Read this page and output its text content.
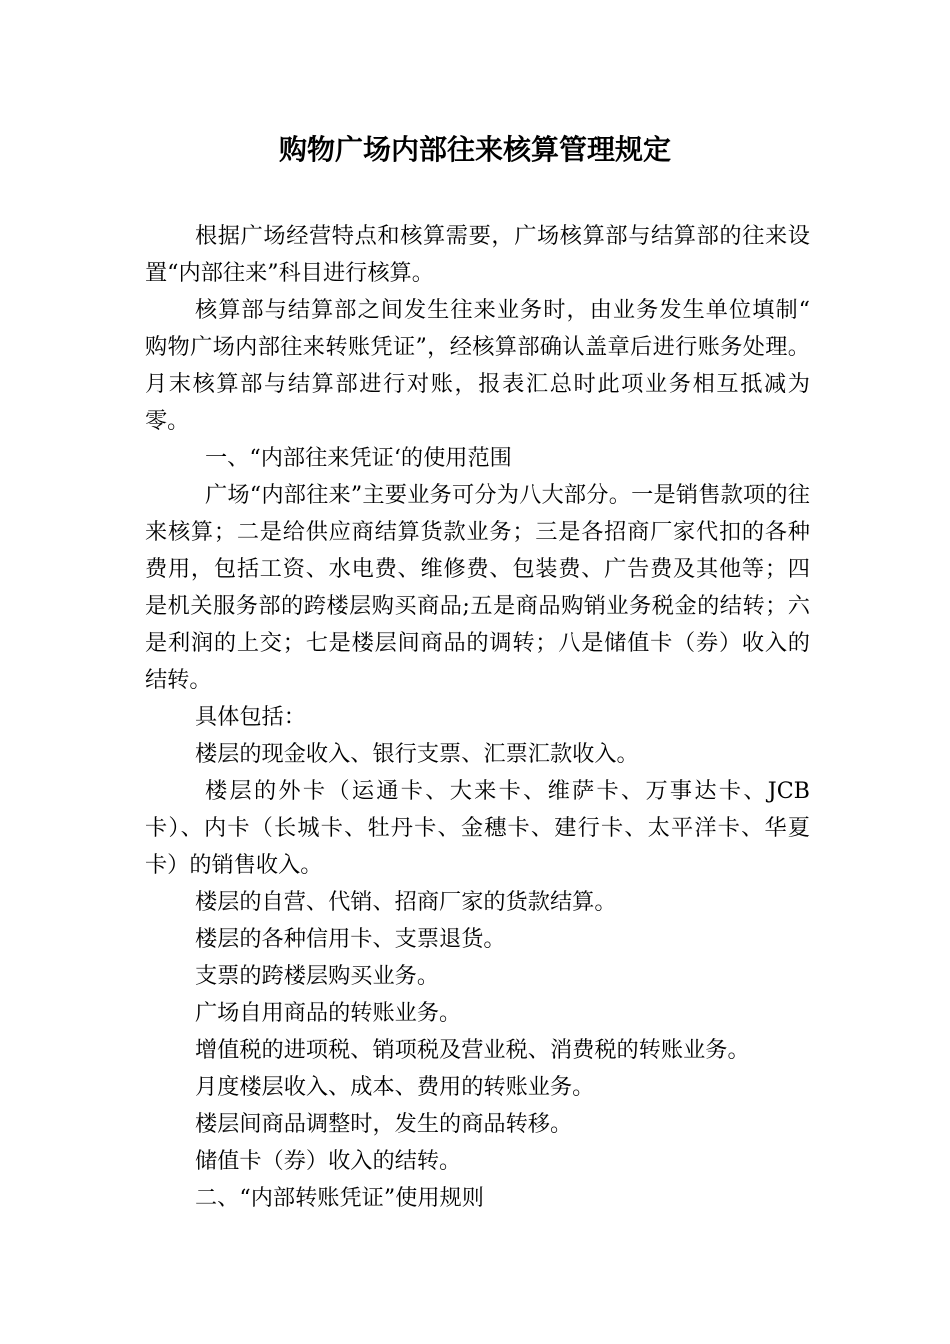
购物广场内部往来核算管理规定

根据广场经营特点和核算需要，广场核算部与结算部的往来设置“内部往来”科目进行核算。

核算部与结算部之间发生往来业务时，由业务发生单位填制“ 购物广场内部往来转账凭证”，经核算部确认盖章后进行账务处理。月末核算部与结算部进行对账，报表汇总时此项业务相互抵减为零。

一、“内部往来凭证‘的使用范围

广场“内部往来”主要业务可分为八大部分。一是销售款项的往来核算；二是给供应商结算货款业务；三是各招商厂家代扣的各种费用，包括工资、水电费、维修费、包装费、广告费及其他等；四是机关服务部的跨楼层购买商品;五是商品购销业务税金的结转；六是利润的上交；七是楼层间商品的调转；八是储值卡（券）收入的结转。

具体包括：

楼层的现金收入、银行支票、汇票汇款收入。

楼层的外卡（运通卡、大来卡、维萨卡、万事达卡、JCB卡）、内卡（长城卡、牡丹卡、金穗卡、建行卡、太平洋卡、华夏卡）的销售收入。

楼层的自营、代销、招商厂家的货款结算。

楼层的各种信用卡、支票退货。

支票的跨楼层购买业务。

广场自用商品的转账业务。

增值税的进项税、销项税及营业税、消费税的转账业务。

月度楼层收入、成本、费用的转账业务。

楼层间商品调整时，发生的商品转移。

储值卡（券）收入的结转。

二、“内部转账凭证”使用规则
